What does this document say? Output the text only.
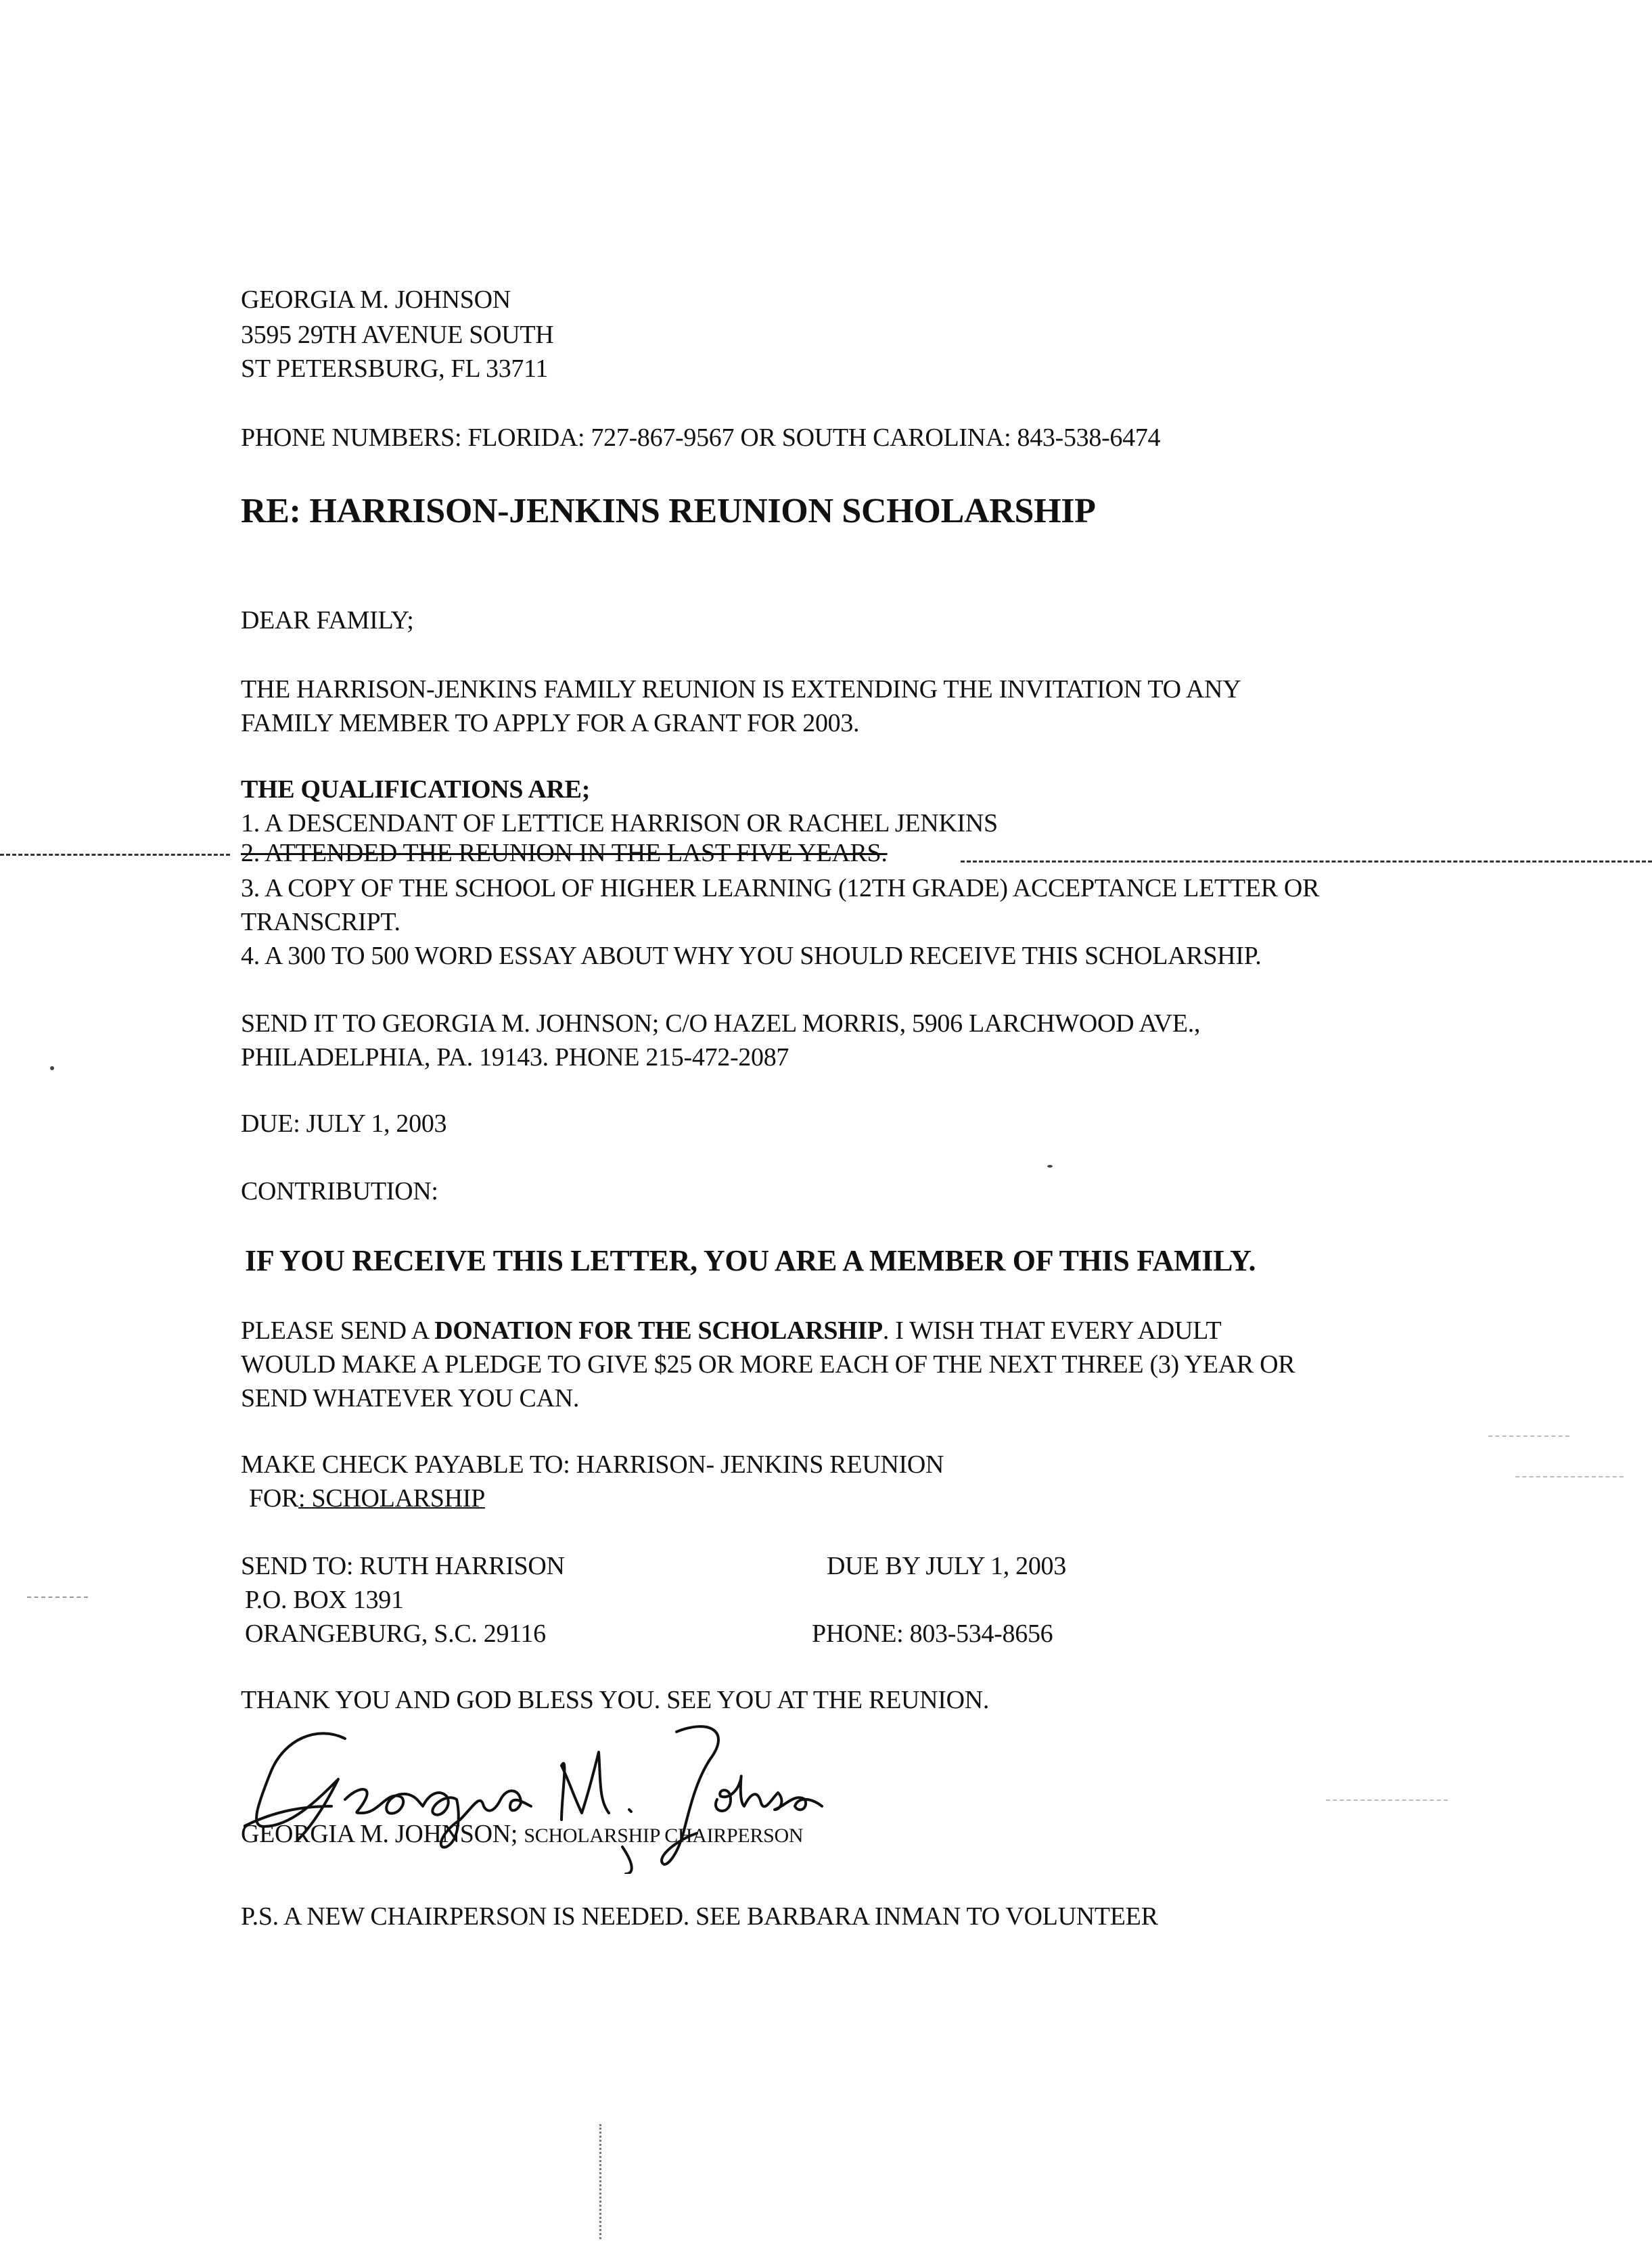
GEORGIA M. JOHNSON
3595 29TH AVENUE SOUTH
ST PETERSBURG, FL 33711
PHONE NUMBERS: FLORIDA: 727-867-9567 OR SOUTH CAROLINA: 843-538-6474
RE: HARRISON-JENKINS REUNION SCHOLARSHIP
DEAR FAMILY;
THE HARRISON-JENKINS FAMILY REUNION IS EXTENDING THE INVITATION TO ANY
FAMILY MEMBER TO APPLY FOR A GRANT FOR 2003.
THE QUALIFICATIONS ARE;
1. A DESCENDANT OF LETTICE HARRISON OR RACHEL JENKINS
2. ATTENDED THE REUNION IN THE LAST FIVE YEARS.
3. A COPY OF THE SCHOOL OF HIGHER LEARNING (12TH GRADE) ACCEPTANCE LETTER OR
TRANSCRIPT.
4. A 300 TO 500 WORD ESSAY ABOUT WHY YOU SHOULD RECEIVE THIS SCHOLARSHIP.
SEND IT TO GEORGIA M. JOHNSON; C/O HAZEL MORRIS, 5906 LARCHWOOD AVE.,
PHILADELPHIA, PA. 19143. PHONE 215-472-2087
DUE: JULY 1, 2003
CONTRIBUTION:
IF YOU RECEIVE THIS LETTER, YOU ARE A MEMBER OF THIS FAMILY.
PLEASE SEND A DONATION FOR THE SCHOLARSHIP. I WISH THAT EVERY ADULT
WOULD MAKE A PLEDGE TO GIVE $25 OR MORE EACH OF THE NEXT THREE (3) YEAR OR
SEND WHATEVER YOU CAN.
MAKE CHECK PAYABLE TO: HARRISON- JENKINS REUNION
FOR: SCHOLARSHIP
SEND TO: RUTH HARRISON
P.O. BOX 1391
ORANGEBURG, S.C. 29116
DUE BY JULY 1, 2003
PHONE: 803-534-8656
THANK YOU AND GOD BLESS YOU. SEE YOU AT THE REUNION.
GEORGIA M. JOHNSON; SCHOLARSHIP CHAIRPERSON
P.S. A NEW CHAIRPERSON IS NEEDED. SEE BARBARA INMAN TO VOLUNTEER
